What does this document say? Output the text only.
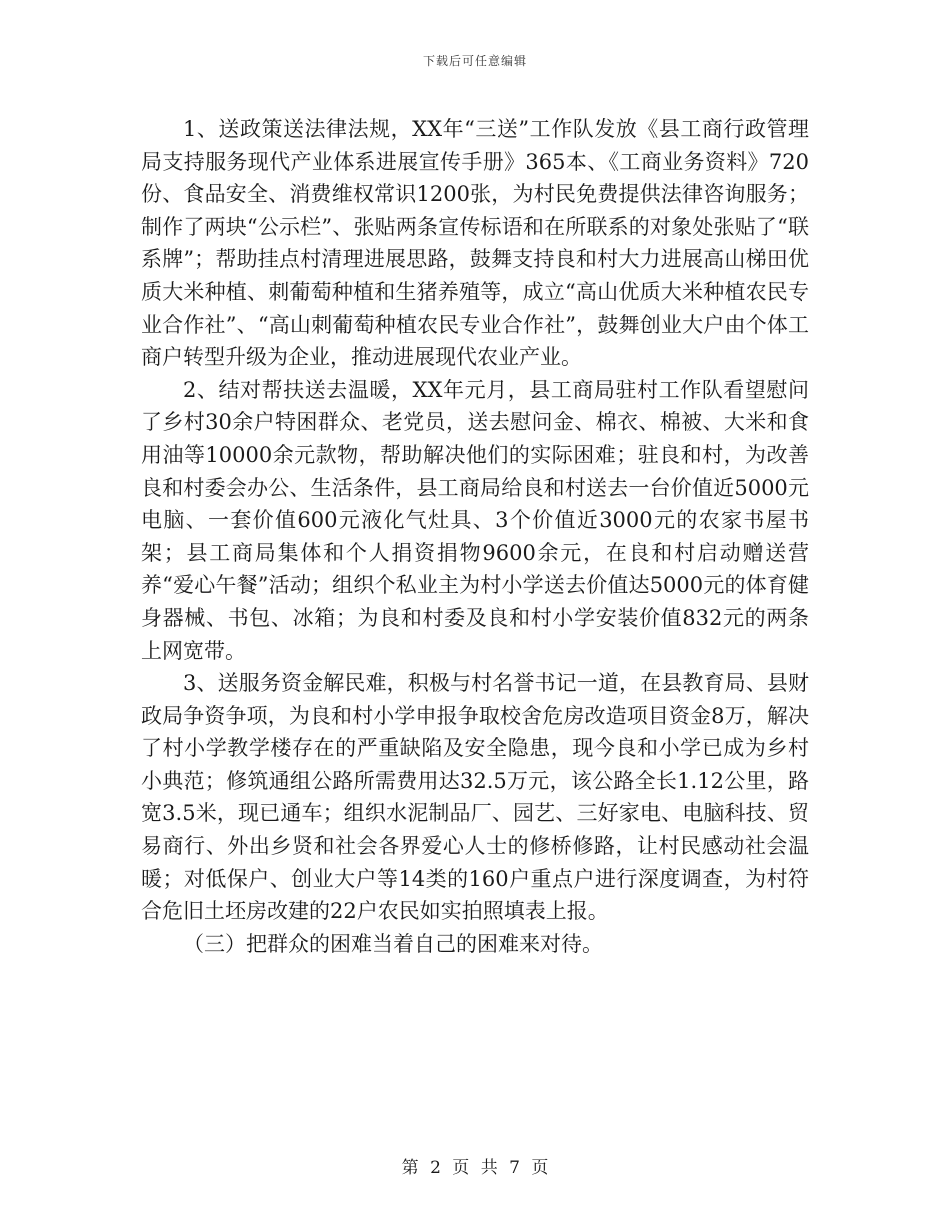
下载后可任意编辑

1、送政策送法律法规，XX年“三送”工作队发放《县工商行政管理局支持服务现代产业体系进展宣传手册》365本、《工商业务资料》720份、食品安全、消费维权常识1200张，为村民免费提供法律咨询服务；制作了两块“公示栏”、张贴两条宣传标语和在所联系的对象处张贴了“联系牌”；帮助挂点村清理进展思路，鼓舞支持良和村大力进展高山梯田优质大米种植、刺葡萄种植和生猪养殖等，成立“高山优质大米种植农民专业合作社”、“高山刺葡萄种植农民专业合作社”，鼓舞创业大户由个体工商户转型升级为企业，推动进展现代农业产业。

2、结对帮扶送去温暖，XX年元月，县工商局驻村工作队看望慰问了乡村30余户特困群众、老党员，送去慰问金、棉衣、棉被、大米和食用油等10000余元款物，帮助解决他们的实际困难；驻良和村，为改善良和村委会办公、生活条件，县工商局给良和村送去一台价值近5000元电脑、一套价值600元液化气灶具、3个价值近3000元的农家书屋书架；县工商局集体和个人捐资捐物9600余元，在良和村启动赠送营养“爱心午餐”活动；组织个私业主为村小学送去价值达5000元的体育健身器械、书包、冰箱；为良和村委及良和村小学安装价值832元的两条上网宽带。

3、送服务资金解民难，积极与村名誉书记一道，在县教育局、县财政局争资争项，为良和村小学申报争取校舍危房改造项目资金8万，解决了村小学教学楼存在的严重缺陷及安全隐患，现今良和小学已成为乡村小典范；修筑通组公路所需费用达32.5万元，该公路全长1.12公里，路宽3.5米，现已通车；组织水泥制品厂、园艺、三好家电、电脑科技、贸易商行、外出乡贤和社会各界爱心人士的修桥修路，让村民感动社会温暖；对低保户、创业大户等14类的160户重点户进行深度调查，为村符合危旧土坯房改建的22户农民如实拍照填表上报。

（三）把群众的困难当着自己的困难来对待。

第 2 页 共 7 页
